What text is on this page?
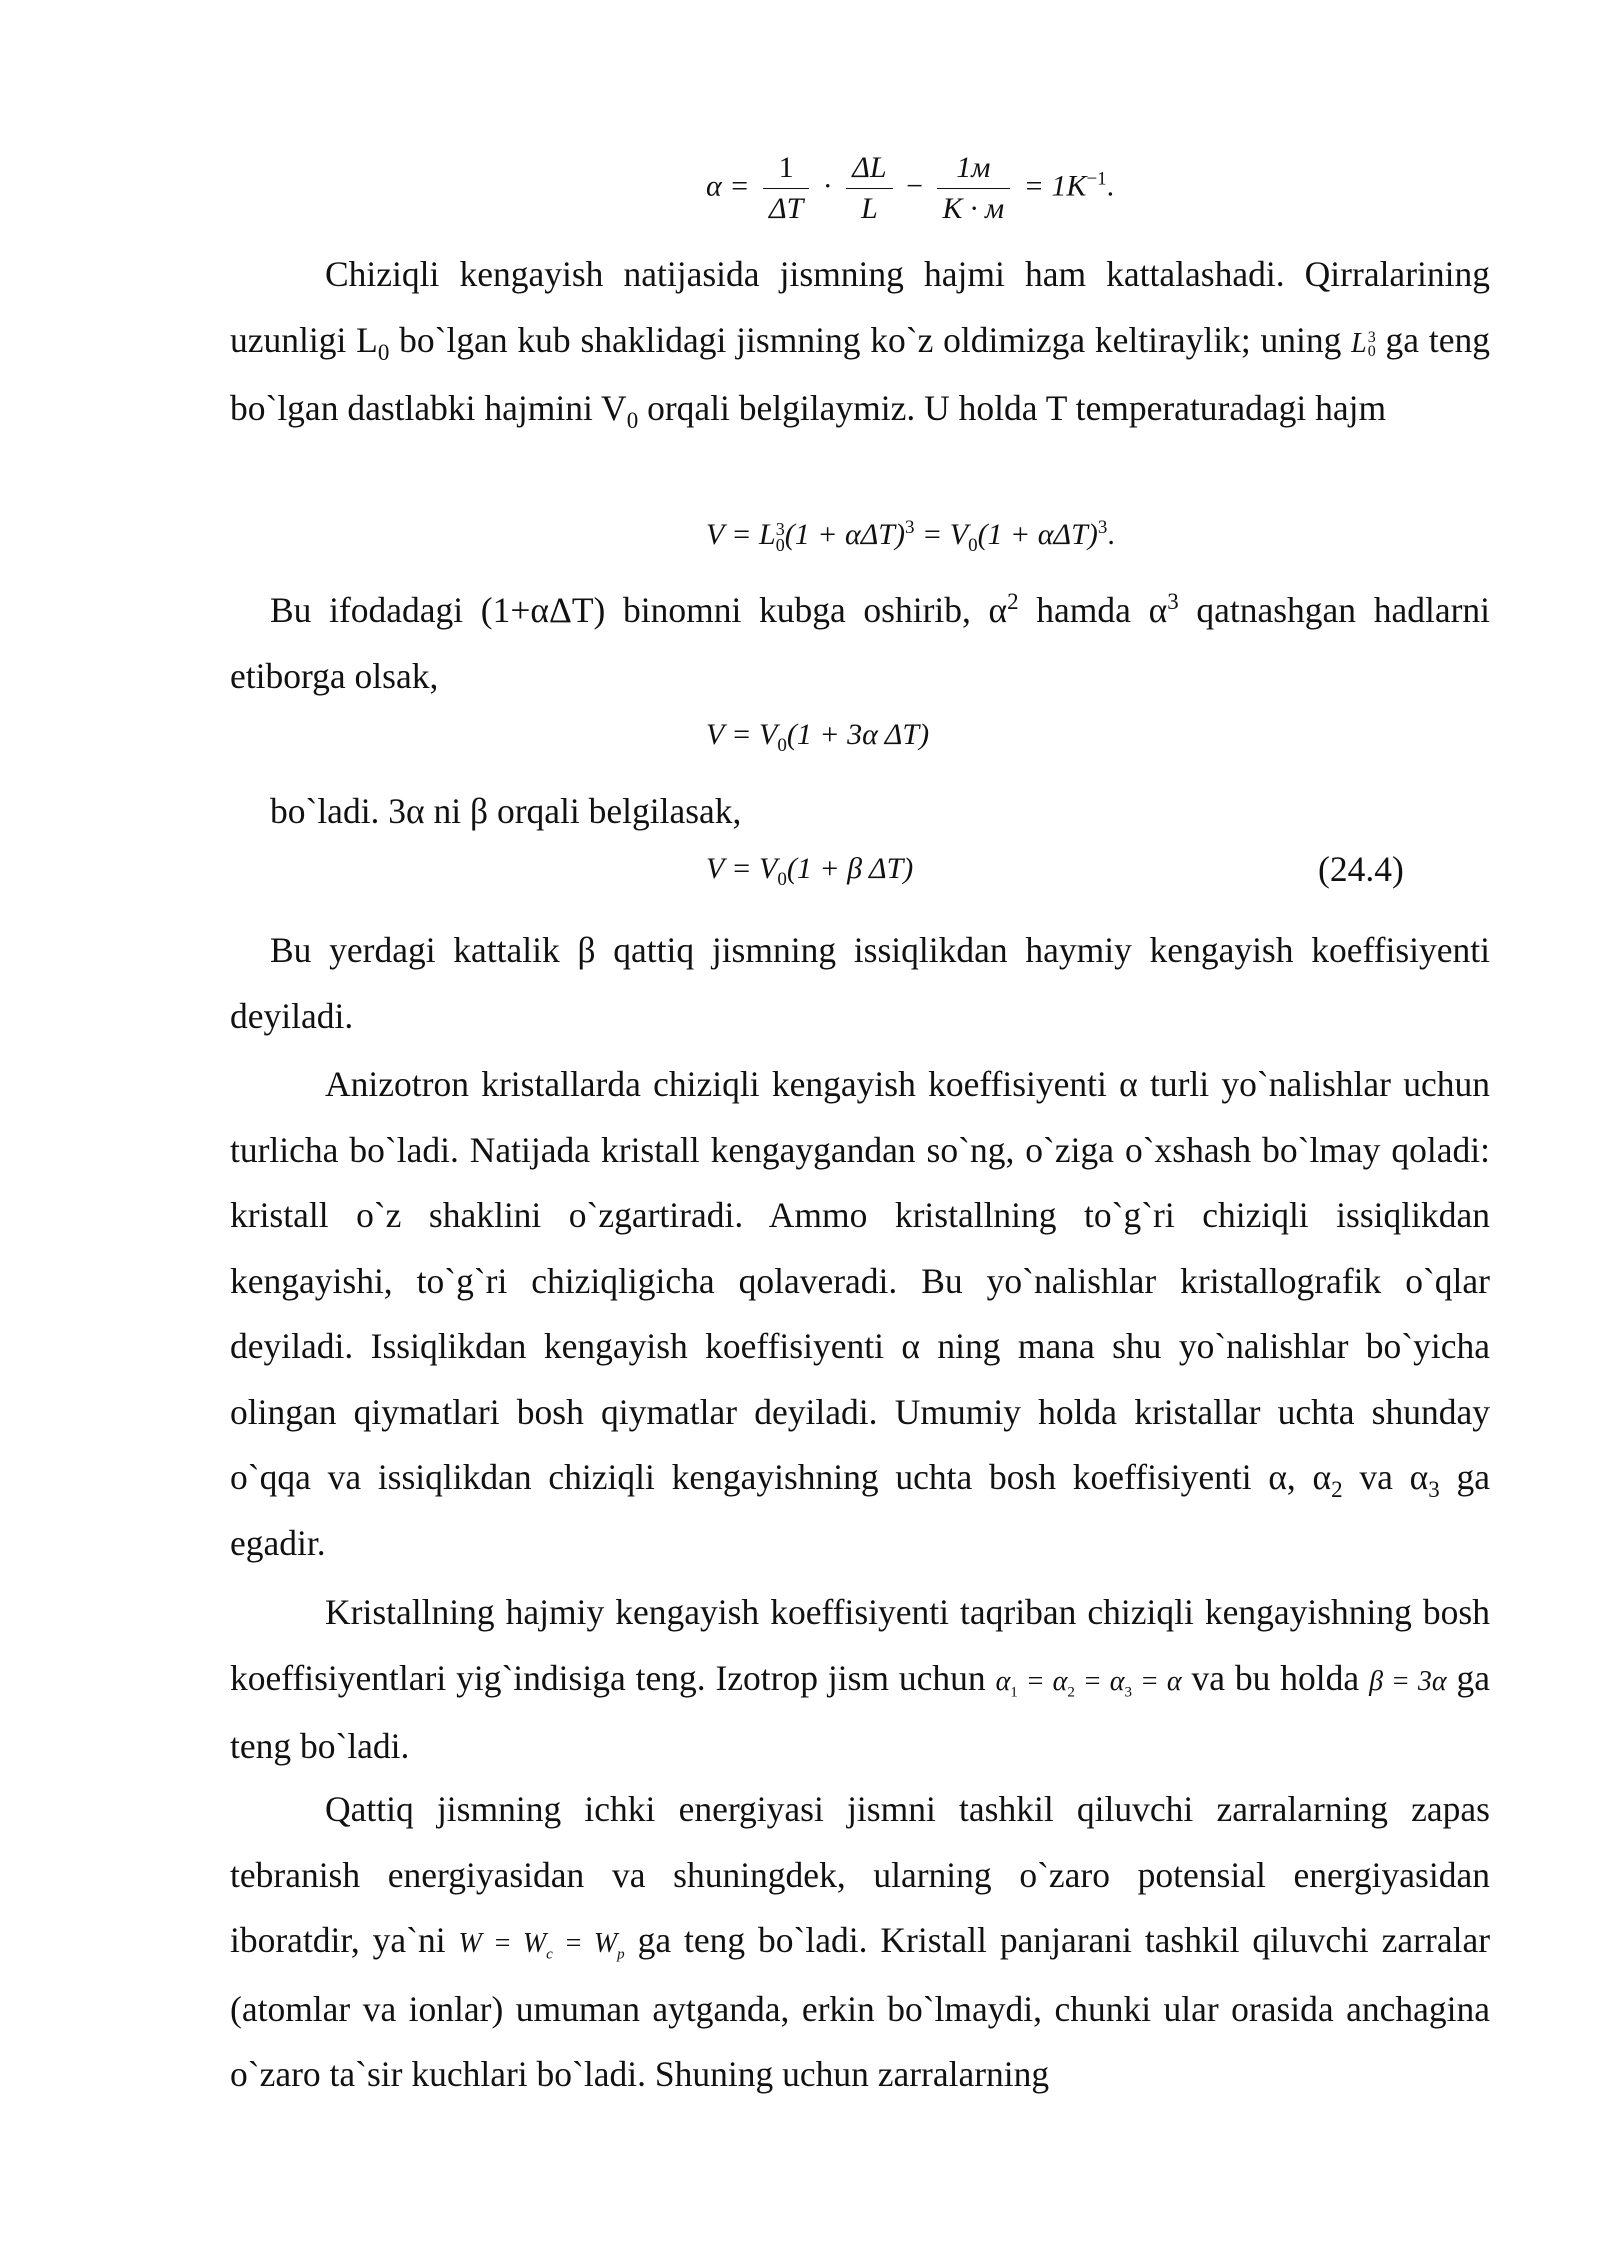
$\alpha = \frac{1}{\Delta T} \cdot \frac{\Delta L}{L} - \frac{1м}{K \cdot м} = 1K^{-1}$.

Chiziqli kengayish natijasida jismning hajmi ham kattalashadi. Qirralarining uzunligi $L_0$ bo`lgan kub shaklidagi jismning ko`z oldimizga keltiraylik; uning L 3
0 ga teng bo`lgan dastlabki hajmini $V_0$ orqali belgilaymiz. U holda T temperaturadagi hajm

V = L 3
0 $(1 + \alpha\Delta T)^3 = V_0(1 + \alpha\Delta T)^3$.

Bu ifodadagi (1+αΔT) binomni kubga oshirib, $\alpha^2$ hamda $\alpha^3$ qatnashgan hadlarni etiborga olsak,

$V = V_0(1 + 3\alpha$ ΔT)

bo`ladi. 3α ni β orqali belgilasak,

$V = V_0(1 + \beta$ ΔT)	(24.4)

Bu yerdagi kattalik β qattiq jismning issiqlikdan haymiy kengayish koeffisiyenti deyiladi.

Anizotron kristallarda chiziqli kengayish koeffisiyenti α turli yo`nalishlar uchun turlicha bo`ladi. Natijada kristall kengaygandan so`ng, o`ziga o`xshash bo`lmay qoladi: kristall o`z shaklini o`zgartiradi. Ammo kristallning to`g`ri chiziqli issiqlikdan kengayishi, to`g`ri chiziqligicha qolaveradi. Bu yo`nalishlar kristallografik o`qlar deyiladi. Issiqlikdan kengayish koeffisiyenti α ning mana shu yo`nalishlar bo`yicha olingan qiymatlari bosh qiymatlar deyiladi. Umumiy holda kristallar uchta shunday o`qqa va issiqlikdan chiziqli kengayishning uchta bosh koeffisiyenti α, $\alpha_2$ va $\alpha_3$ ga egadir.

Kristallning hajmiy kengayish koeffisiyenti taqriban chiziqli kengayishning bosh koeffisiyentlari yig`indisiga teng. Izotrop jism uchun $\alpha_1 = \alpha_2 = \alpha_3 = \alpha$ va bu holda β = 3α ga teng bo`ladi.

Qattiq jismning ichki energiyasi jismni tashkil qiluvchi zarralarning zapas tebranish energiyasidan va shuningdek, ularning o`zaro potensial energiyasidan iboratdir, ya`ni $W = W_c = W_p$ ga teng bo`ladi. Kristall panjarani tashkil qiluvchi zarralar (atomlar va ionlar) umuman aytganda, erkin bo`lmaydi, chunki ular orasida anchagina o`zaro ta`sir kuchlari bo`ladi. Shuning uchun zarralarning
